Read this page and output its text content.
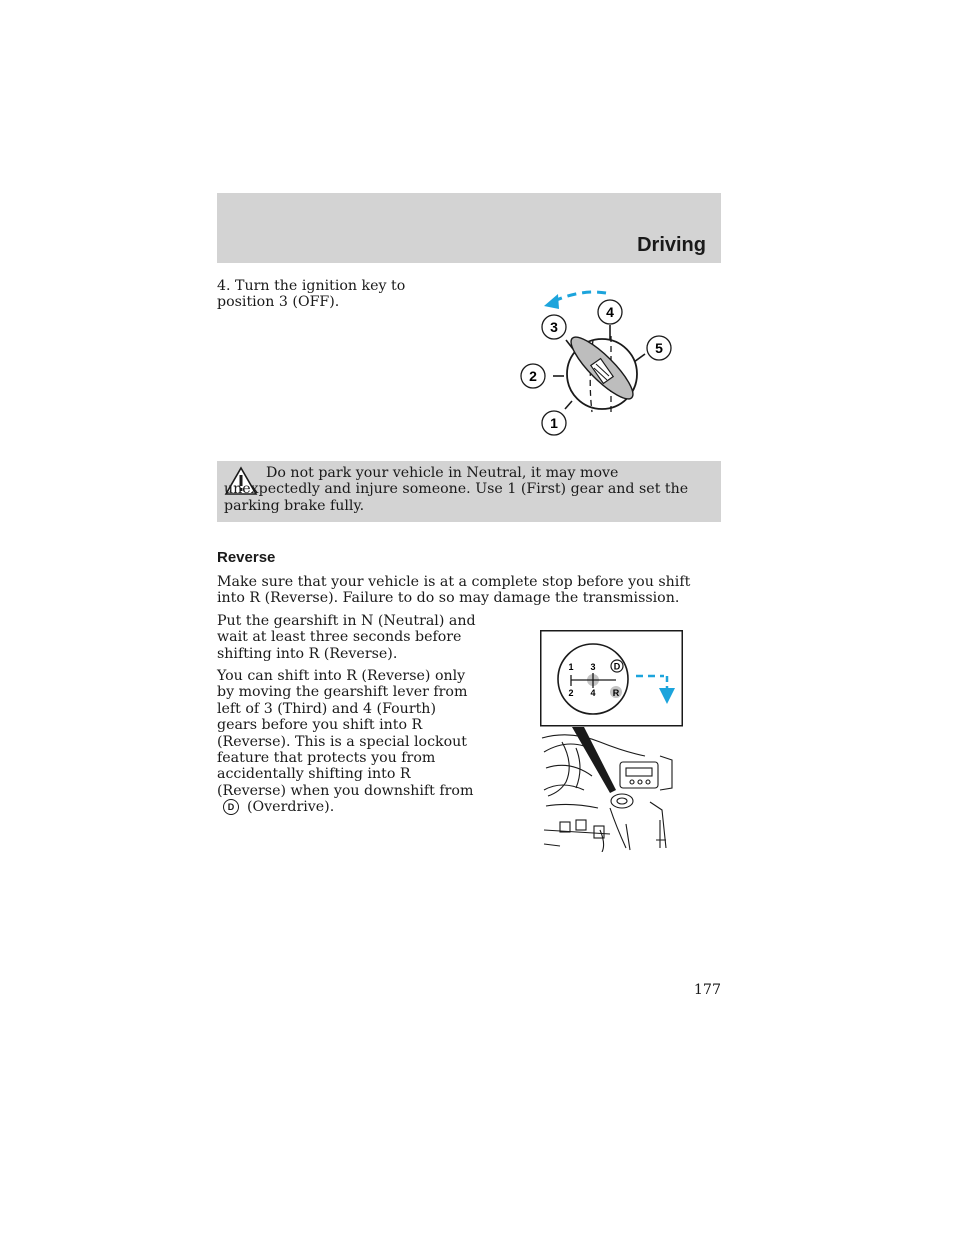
Driving
4. Turn the ignition key to position 3 (OFF).
3
4
5
2
1

Do not park your vehicle in Neutral, it may move unexpectedly and injure someone. Use 1 (First) gear and set the parking brake fully.

Reverse

Make sure that your vehicle is at a complete stop before you shift into R (Reverse). Failure to do so may damage the transmission.

Put the gearshift in N (Neutral) and wait at least three seconds before shifting into R (Reverse).

You can shift into R (Reverse) only by moving the gearshift lever from left of 3 (Third) and 4 (Fourth) gears before you shift into R (Reverse). This is a special lockout feature that protects you from accidentally shifting into R (Reverse) when you downshift fromD (Overdrive).

1 3 D
2 4 R
177
